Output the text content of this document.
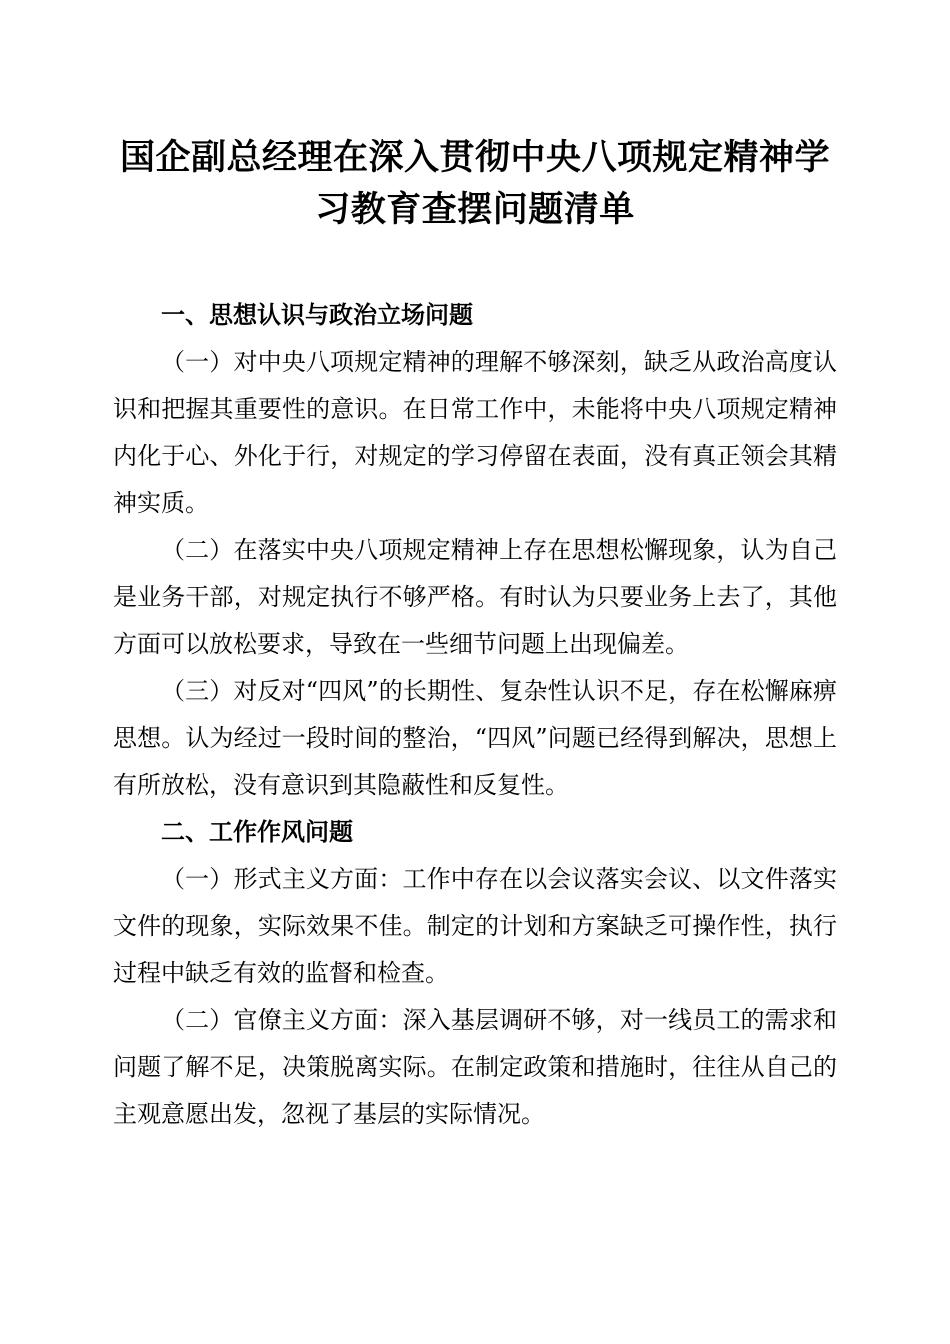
国企副总经理在深入贯彻中央八项规定精神学习教育查摆问题清单
一、思想认识与政治立场问题

（一）对中央八项规定精神的理解不够深刻，缺乏从政治高度认识和把握其重要性的意识。在日常工作中，未能将中央八项规定精神内化于心、外化于行，对规定的学习停留在表面，没有真正领会其精神实质。

（二）在落实中央八项规定精神上存在思想松懈现象，认为自己是业务干部，对规定执行不够严格。有时认为只要业务上去了，其他方面可以放松要求，导致在一些细节问题上出现偏差。

（三）对反对“四风”的长期性、复杂性认识不足，存在松懈麻痹思想。认为经过一段时间的整治，“四风”问题已经得到解决，思想上有所放松，没有意识到其隐蔽性和反复性。

二、工作作风问题

（一）形式主义方面：工作中存在以会议落实会议、以文件落实文件的现象，实际效果不佳。制定的计划和方案缺乏可操作性，执行过程中缺乏有效的监督和检查。

（二）官僚主义方面：深入基层调研不够，对一线员工的需求和问题了解不足，决策脱离实际。在制定政策和措施时，往往从自己的主观意愿出发，忽视了基层的实际情况。
